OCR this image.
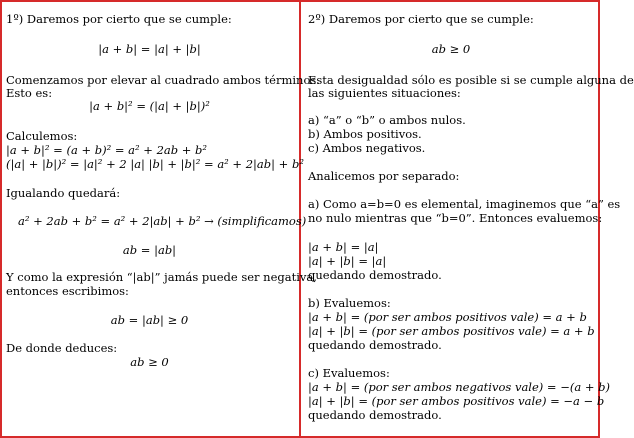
1º) Daremos por cierto que se cumple:
|a + b| = |a| + |b|
Comenzamos por elevar al cuadrado ambos términos.
Esto es:
|a + b|² = (|a| + |b|)²
Calculemos:
|a + b|² = (a + b)² = a² + 2ab + b²
(|a| + |b|)² = |a|² + 2 |a| |b| + |b|² = a² + 2|ab| + b²
Igualando quedará:
a² + 2ab + b² = a² + 2|ab| + b² → (simplificamos)
ab = |ab|
Y como la expresión “|ab|” jamás puede ser negativa,
entonces escribimos:
ab = |ab| ≥ 0
De donde deduces:
ab ≥ 0
2º) Daremos por cierto que se cumple:
ab ≥ 0
Esta desigualdad sólo es posible si se cumple alguna de
las siguientes situaciones:
a) “a” o “b” o ambos nulos.
b) Ambos positivos.
c) Ambos negativos.
Analicemos por separado:
a) Como a=b=0 es elemental, imaginemos que “a” es
no nulo mientras que “b=0”. Entonces evaluemos:
|a + b| = |a|
|a| + |b| = |a|
quedando demostrado.
b) Evaluemos:
|a + b| = (por ser ambos positivos vale) = a + b
|a| + |b| = (por ser ambos positivos vale) = a + b
quedando demostrado.
c) Evaluemos:
|a + b| = (por ser ambos negativos vale) = −(a + b)
|a| + |b| = (por ser ambos positivos vale) = −a − b
quedando demostrado.
